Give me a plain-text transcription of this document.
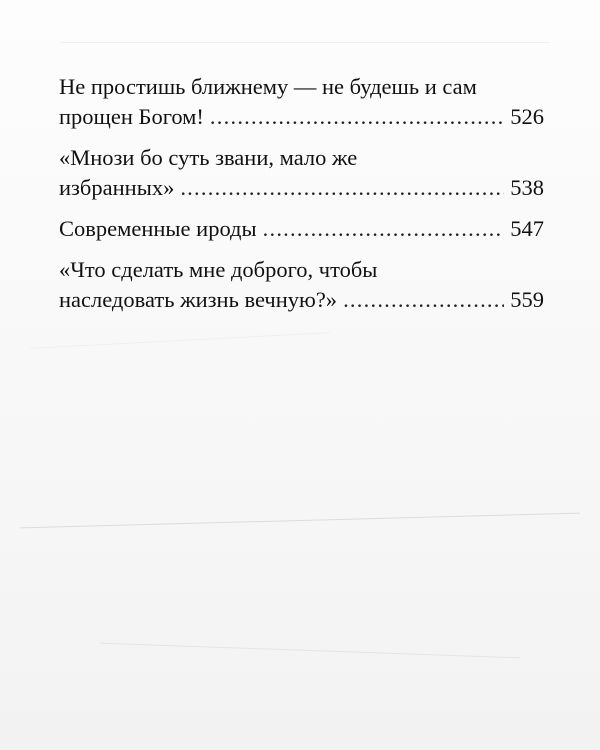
Не простишь ближнему — не будешь и сам
прощен Богом! . . .	526
«Мнози бо суть звани, мало же
избранных» . . .	538
Современные ироды . . .	547
«Что сделать мне доброго, чтобы
наследовать жизнь вечную?» . . .	559
